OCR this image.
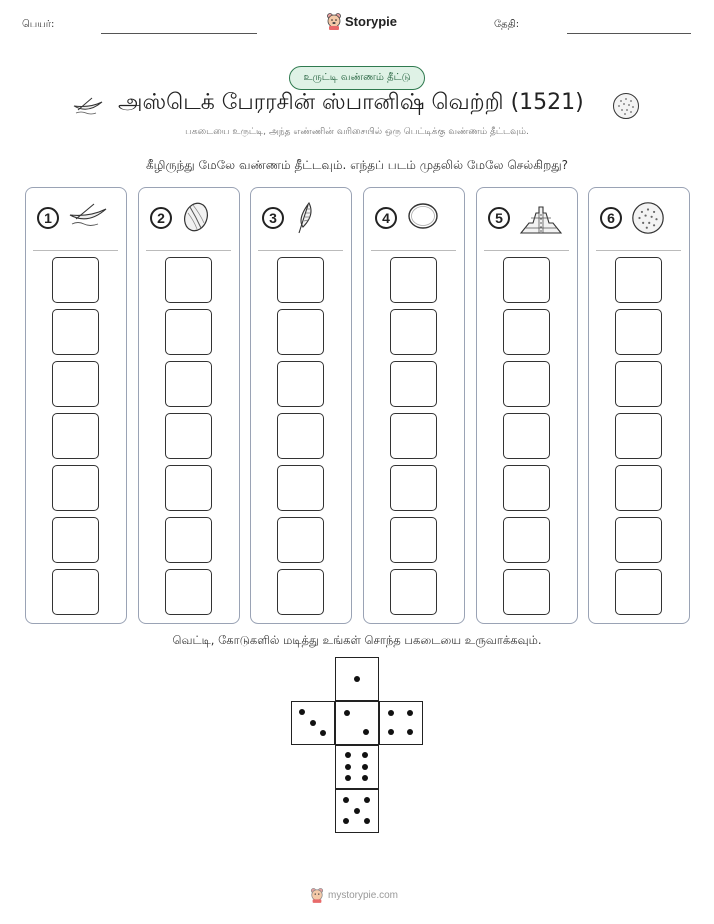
பெயர்:	Storypie	தேதி:
உருட்டி வண்ணம் தீட்டு
அஸ்டெக் பேரரசின் ஸ்பானிஷ் வெற்றி (1521)
பகடையை உருட்டி, அந்த எண்ணின் வரிசையில் ஒரு பெட்டிக்கு வண்ணம் தீட்டவும்.
கீழிருந்து மேலே வண்ணம் தீட்டவும். எந்தப் படம் முதலில் மேலே செல்கிறது?
1	2	3	4	5	6
வெட்டி, கோடுகளில் மடித்து உங்கள் சொந்த பகடையை உருவாக்கவும்.
mystorypie.com
